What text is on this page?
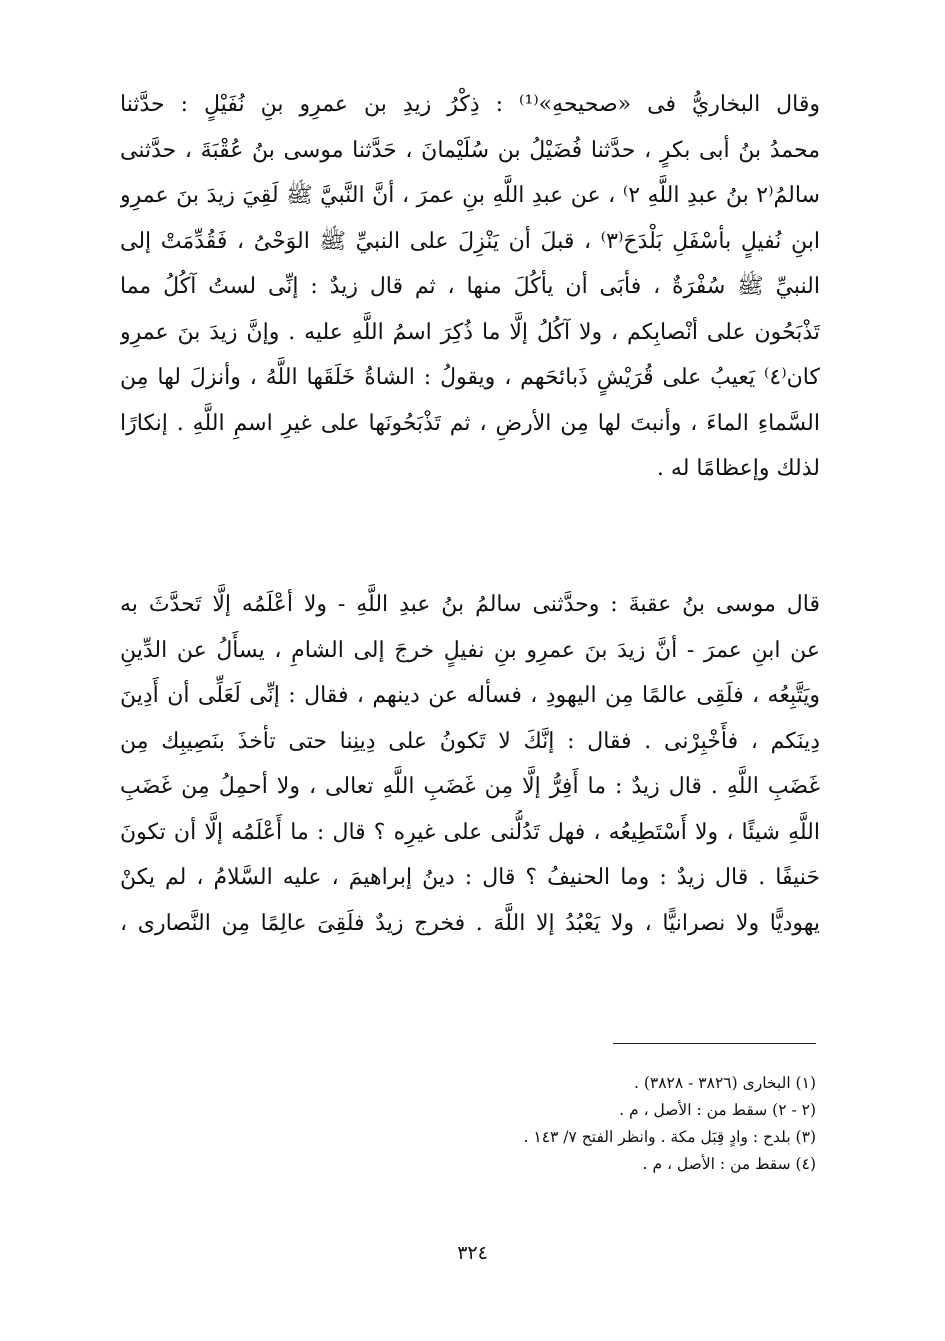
وقال البخاريُّ فى «صحيحهِ»⁽¹⁾ : ذِكْرُ زيدِ بن عمرِو بنِ نُفَيْلٍ : حدَّثنا
محمدُ بنُ أبى بكرٍ ، حدَّثنا فُضَيْلُ بن سُلَيْمانَ ، حَدَّثنا موسى بنُ عُقْبَةَ ، حدَّثنى
سالمُ⁽٢ بنُ عبدِ اللَّهِ ٢⁾ ، عن عبدِ اللَّهِ بنِ عمرَ ، أنَّ النَّبيَّ ﷺ لَقِيَ زيدَ بنَ عمرِو
ابنِ نُفيلٍ بأسْفَلِ بَلْدَحَ⁽٣⁾ ، قبلَ أن يَنْزِلَ على النبيِّ ﷺ الوَحْىُ ، فَقُدِّمَتْ إلى
النبيِّ ﷺ سُفْرَةٌ ، فأبَى أن يأكُلَ منها ، ثم قال زيدٌ : إنِّى لستُ آكُلُ مما
تَذْبَحُون على أنْصابِكم ، ولا آكُلُ إلَّا ما ذُكِرَ اسمُ اللَّهِ عليه . وإنَّ زيدَ بنَ عمرِو
كان⁽٤⁾ يَعيبُ على قُرَيْشٍ ذَبائحَهم ، ويقولُ : الشاةُ خَلَقَها اللَّهُ ، وأنزلَ لها مِن
السَّماءِ الماءَ ، وأنبتَ لها مِن الأرضِ ، ثم تَذْبَحُونَها على غيرِ اسمِ اللَّهِ . إنكارًا
لذلك وإعظامًا له .
قال موسى بنُ عقبةَ : وحدَّثنى سالمُ بنُ عبدِ اللَّهِ - ولا أعْلَمُه إلَّا تَحدَّثَ به
عن ابنِ عمرَ - أنَّ زيدَ بنَ عمرِو بنِ نفيلٍ خرجَ إلى الشامِ ، يسأَلُ عن الدِّينِ
ويَتَّبِعُه ، فلَقِى عالمًا مِن اليهودِ ، فسأله عن دينهم ، فقال : إنِّى لَعَلِّى أن أَدِينَ
دِينَكم ، فأَخْبِرْنى . فقال : إنَّكَ لا تَكونُ على دِينِنا حتى تأخذَ بنَصِيبِك مِن
غَضَبِ اللَّهِ . قال زيدٌ : ما أَفِرُّ إلَّا مِن غَضَبِ اللَّهِ تعالى ، ولا أحمِلُ مِن غَضَبِ
اللَّهِ شيئًا ، ولا أَسْتَطِيعُه ، فهل تَدُلُّنى على غيرِه ؟ قال : ما أَعْلَمُه إلَّا أن تكونَ
حَنيفًا . قال زيدٌ : وما الحنيفُ ؟ قال : دينُ إبراهيمَ ، عليه السَّلامُ ، لم يكنْ
يهوديًّا ولا نصرانيًّا ، ولا يَعْبُدُ إلا اللَّهَ . فخرج زيدٌ فلَقِىَ عالِمًا مِن النَّصارى ،
(١) البخارى (٣٨٢٦ - ٣٨٢٨) .
(٢ - ٢) سقط من : الأصل ، م .
(٣) بلدح : وادٍ قِبَل مكة . وانظر الفتح ٧/ ١٤٣ .
(٤) سقط من : الأصل ، م .
٣٢٤
